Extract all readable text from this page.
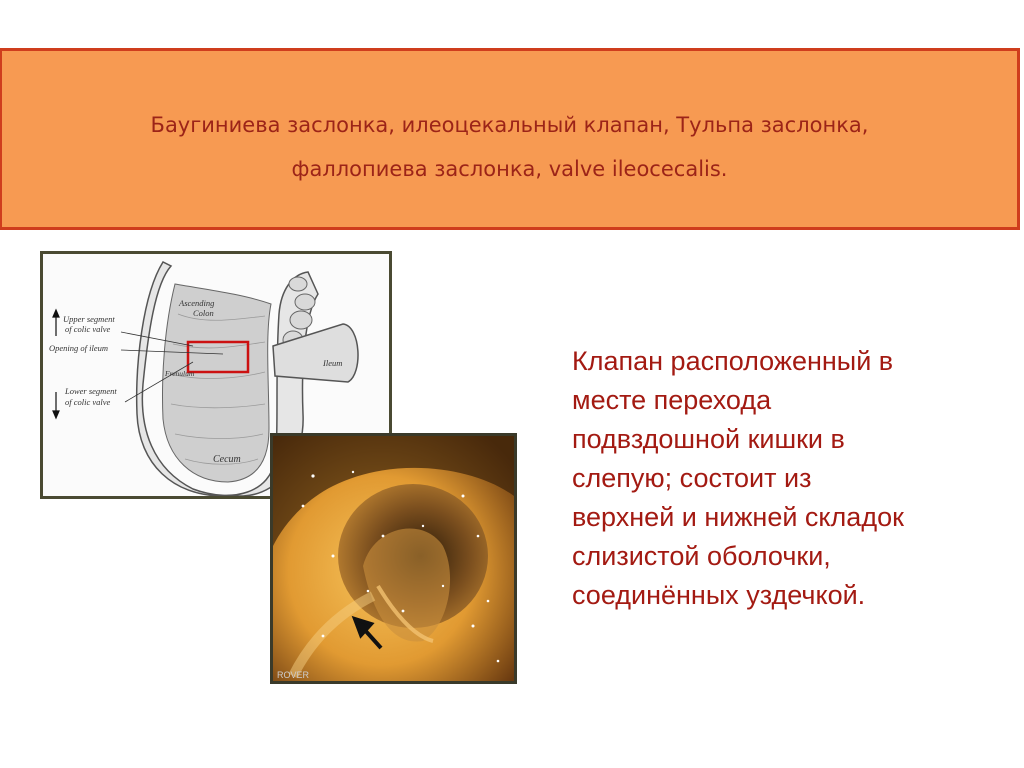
Баугиниева заслонка, илеоцекальный клапан, Тульпа заслонка,
фаллопиева заслонка, valve ileocecalis.
Ascending
Colon
Upper segment
of colic valve
Opening of ileum
Lower segment
of colic valve
Frenulum
Ileum
Cecum
ROVER
Клапан расположенный в
месте перехода
подвздошной кишки в
слепую; состоит из
верхней и нижней складок
слизистой оболочки,
соединённых уздечкой.
